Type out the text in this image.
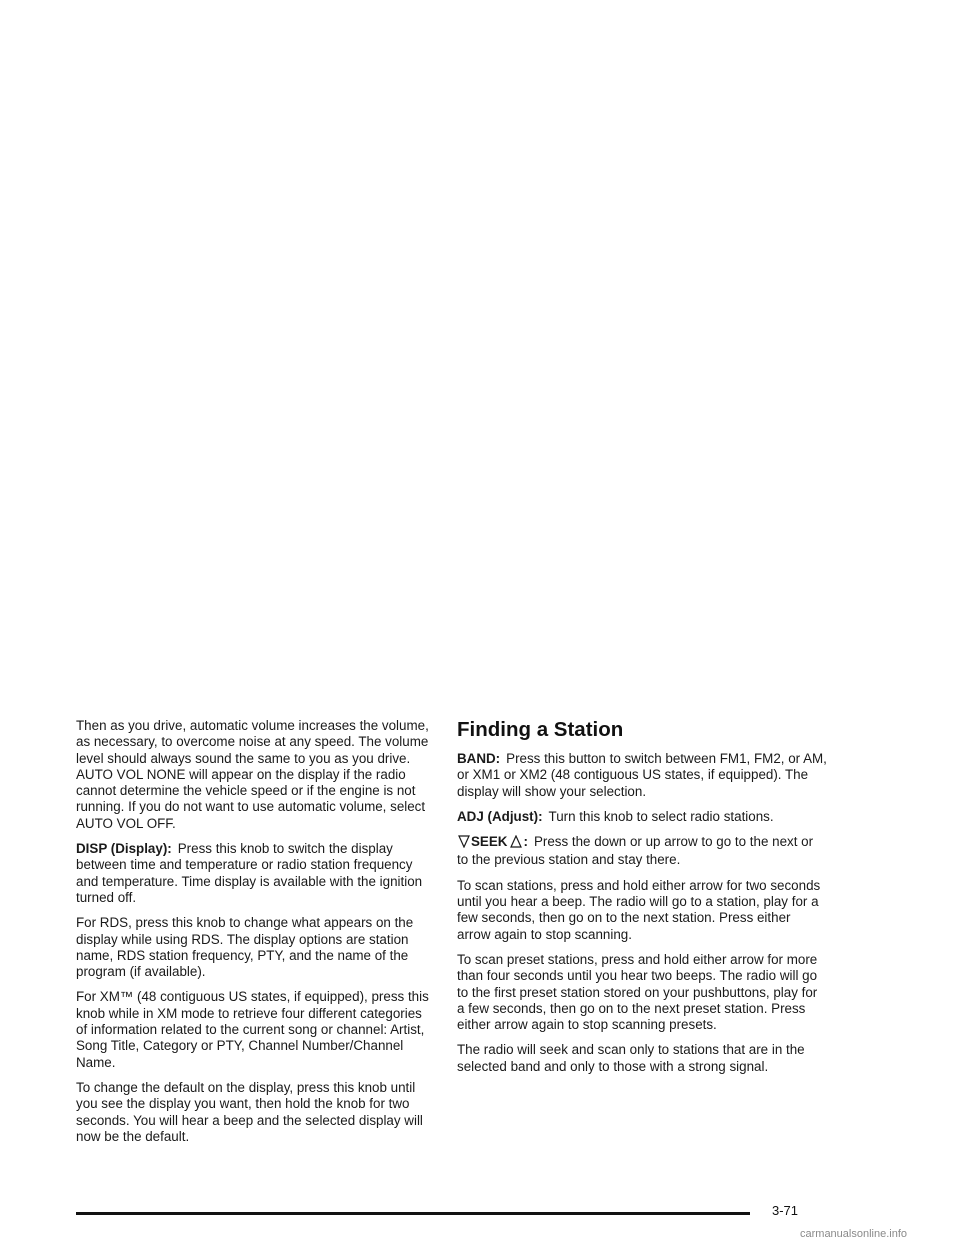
Then as you drive, automatic volume increases the volume, as necessary, to overcome noise at any speed. The volume level should always sound the same to you as you drive. AUTO VOL NONE will appear on the display if the radio cannot determine the vehicle speed or if the engine is not running. If you do not want to use automatic volume, select AUTO VOL OFF.

DISP (Display): Press this knob to switch the display between time and temperature or radio station frequency and temperature. Time display is available with the ignition turned off.

For RDS, press this knob to change what appears on the display while using RDS. The display options are station name, RDS station frequency, PTY, and the name of the program (if available).

For XM™ (48 contiguous US states, if equipped), press this knob while in XM mode to retrieve four different categories of information related to the current song or channel: Artist, Song Title, Category or PTY, Channel Number/Channel Name.

To change the default on the display, press this knob until you see the display you want, then hold the knob for two seconds. You will hear a beep and the selected display will now be the default.

Finding a Station

BAND: Press this button to switch between FM1, FM2, or AM, or XM1 or XM2 (48 contiguous US states, if equipped). The display will show your selection.

ADJ (Adjust): Turn this knob to select radio stations.

SEEK : Press the down or up arrow to go to the next or to the previous station and stay there.

To scan stations, press and hold either arrow for two seconds until you hear a beep. The radio will go to a station, play for a few seconds, then go on to the next station. Press either arrow again to stop scanning.

To scan preset stations, press and hold either arrow for more than four seconds until you hear two beeps. The radio will go to the first preset station stored on your pushbuttons, play for a few seconds, then go on to the next preset station. Press either arrow again to stop scanning presets.

The radio will seek and scan only to stations that are in the selected band and only to those with a strong signal.

3-71
carmanualsonline.info
